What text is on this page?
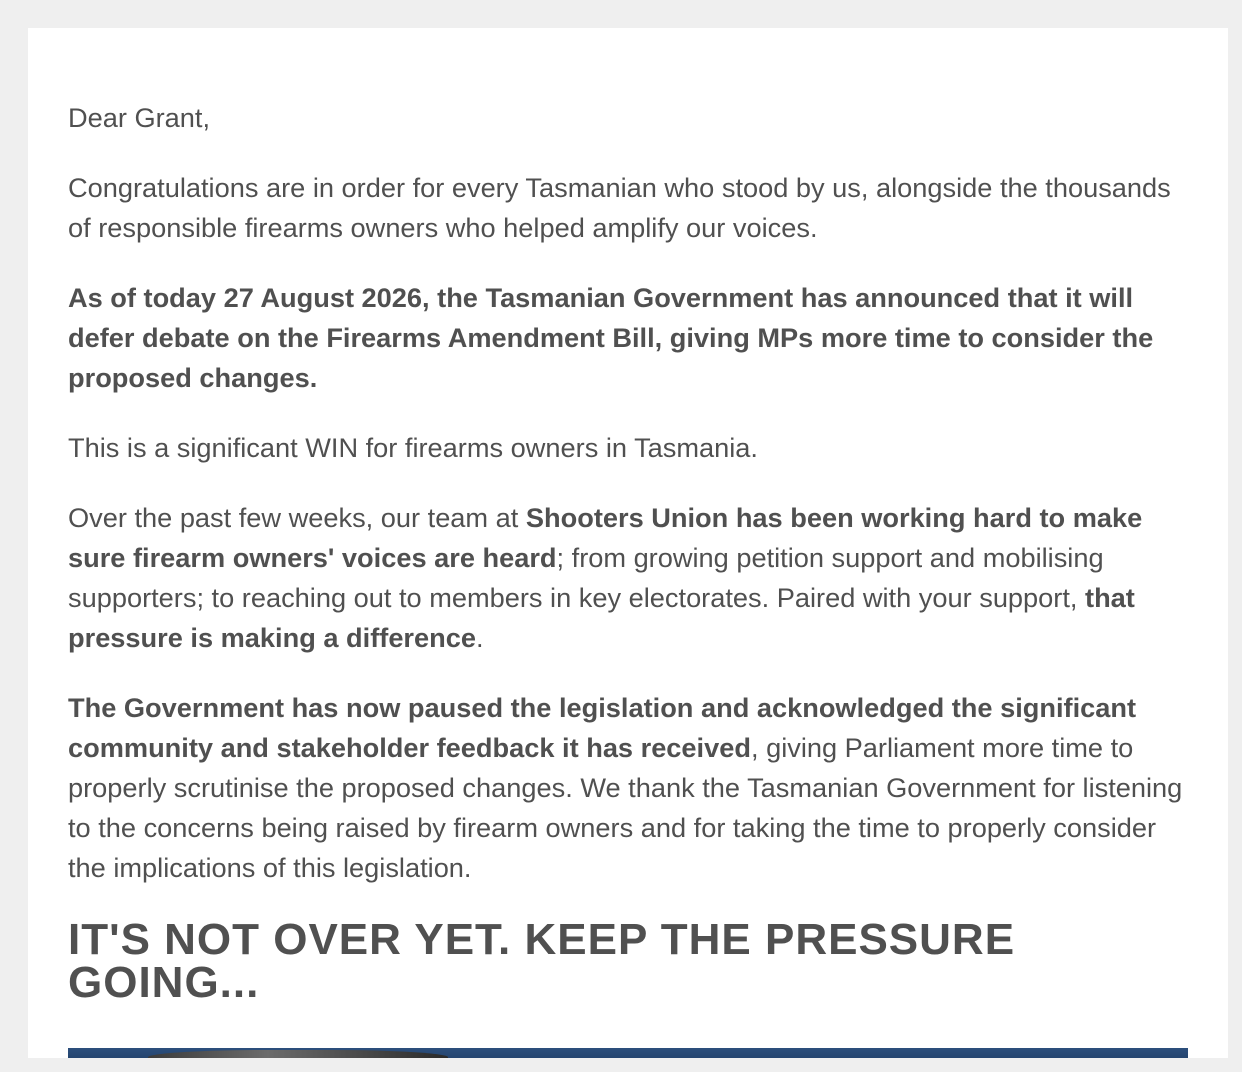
Dear Grant,

Congratulations are in order for every Tasmanian who stood by us, alongside the thousands of responsible firearms owners who helped amplify our voices.

As of today 27 August 2026, the Tasmanian Government has announced that it will defer debate on the Firearms Amendment Bill, giving MPs more time to consider the proposed changes.

This is a significant WIN for firearms owners in Tasmania.

Over the past few weeks, our team at Shooters Union has been working hard to make sure firearm owners' voices are heard; from growing petition support and mobilising supporters; to reaching out to members in key electorates. Paired with your support, that pressure is making a difference.

The Government has now paused the legislation and acknowledged the significant community and stakeholder feedback it has received, giving Parliament more time to properly scrutinise the proposed changes. We thank the Tasmanian Government for listening to the concerns being raised by firearm owners and for taking the time to properly consider the implications of this legislation.

IT'S NOT OVER YET. KEEP THE PRESSURE GOING...
